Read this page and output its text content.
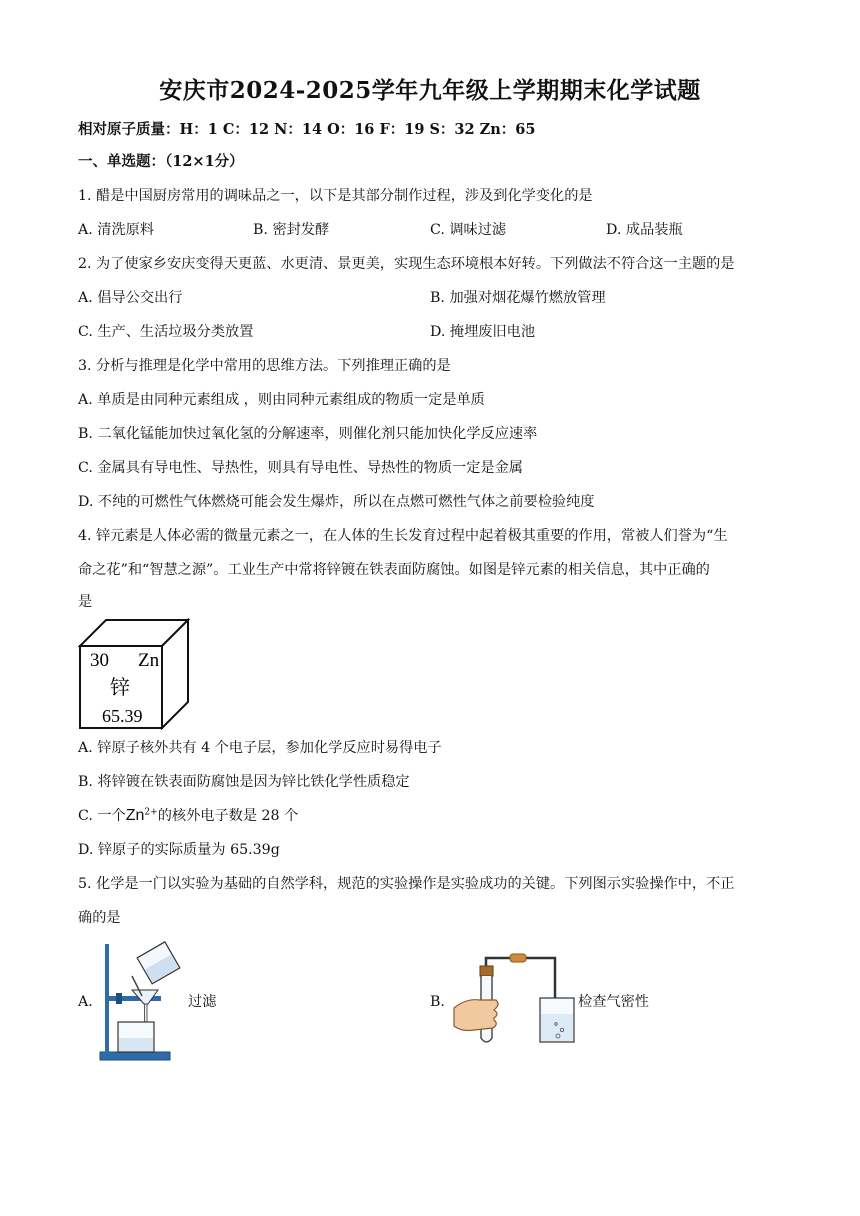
安庆市2024-2025学年九年级上学期期末化学试题
相对原子质量：H：1 C：12 N：14 O：16 F：19 S：32 Zn：65
一、单选题：（12×1分）
1. 醋是中国厨房常用的调味品之一，以下是其部分制作过程，涉及到化学变化的是
A. 清洗原料	B. 密封发酵	C. 调味过滤	D. 成品装瓶
2. 为了使家乡安庆变得天更蓝、水更清、景更美，实现生态环境根本好转。下列做法不符合这一主题的是
A. 倡导公交出行	B. 加强对烟花爆竹燃放管理
C. 生产、生活垃圾分类放置	D. 掩埋废旧电池
3. 分析与推理是化学中常用的思维方法。下列推理正确的是
A. 单质是由同种元素组成 ，则由同种元素组成的物质一定是单质
B. 二氧化锰能加快过氧化氢的分解速率，则催化剂只能加快化学反应速率
C. 金属具有导电性、导热性，则具有导电性、导热性的物质一定是金属
D. 不纯的可燃性气体燃烧可能会发生爆炸，所以在点燃可燃性气体之前要检验纯度
4. 锌元素是人体必需的微量元素之一，在人体的生长发育过程中起着极其重要的作用，常被人们誉为“生
命之花”和“智慧之源”。工业生产中常将锌镀在铁表面防腐蚀。如图是锌元素的相关信息，其中正确的
是
30 Zn
锌
65.39
A. 锌原子核外共有 4 个电子层，参加化学反应时易得电子
B. 将锌镀在铁表面防腐蚀是因为锌比铁化学性质稳定
C. 一个$Zn^{2+}$的核外电子数是 28 个
D. 锌原子的实际质量为 65.39g
5. 化学是一门以实验为基础的自然学科，规范的实验操作是实验成功的关键。下列图示实验操作中，不正
确的是
A.	过滤	B.	检查气密性
